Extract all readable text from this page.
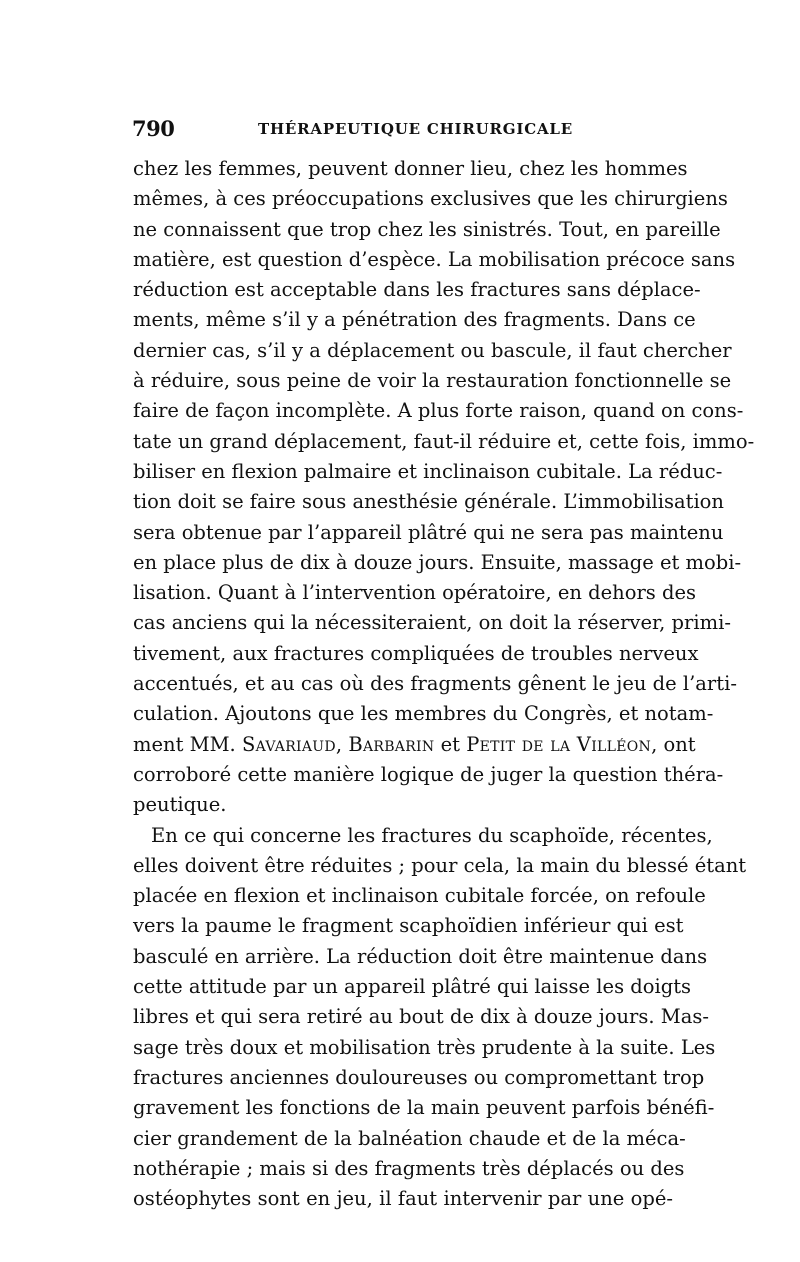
790	THÉRAPEUTIQUE CHIRURGICALE
chez les femmes, peuvent donner lieu, chez les hommes
mêmes, à ces préoccupations exclusives que les chirurgiens
ne connaissent que trop chez les sinistrés. Tout, en pareille
matière, est question d’espèce. La mobilisation précoce sans
réduction est acceptable dans les fractures sans déplace-
ments, même s’il y a pénétration des fragments. Dans ce
dernier cas, s’il y a déplacement ou bascule, il faut chercher
à réduire, sous peine de voir la restauration fonctionnelle se
faire de façon incomplète. A plus forte raison, quand on cons-
tate un grand déplacement, faut-il réduire et, cette fois, immo-
biliser en flexion palmaire et inclinaison cubitale. La réduc-
tion doit se faire sous anesthésie générale. L’immobilisation
sera obtenue par l’appareil plâtré qui ne sera pas maintenu
en place plus de dix à douze jours. Ensuite, massage et mobi-
lisation. Quant à l’intervention opératoire, en dehors des
cas anciens qui la nécessiteraient, on doit la réserver, primi-
tivement, aux fractures compliquées de troubles nerveux
accentués, et au cas où des fragments gênent le jeu de l’arti-
culation. Ajoutons que les membres du Congrès, et notam-
ment MM. Savariaud, Barbarin et Petit de la Villéon, ont
corroboré cette manière logique de juger la question théra-
peutique.
En ce qui concerne les fractures du scaphoïde, récentes,
elles doivent être réduites ; pour cela, la main du blessé étant
placée en flexion et inclinaison cubitale forcée, on refoule
vers la paume le fragment scaphoïdien inférieur qui est
basculé en arrière. La réduction doit être maintenue dans
cette attitude par un appareil plâtré qui laisse les doigts
libres et qui sera retiré au bout de dix à douze jours. Mas-
sage très doux et mobilisation très prudente à la suite. Les
fractures anciennes douloureuses ou compromettant trop
gravement les fonctions de la main peuvent parfois bénéfi-
cier grandement de la balnéation chaude et de la méca-
nothérapie ; mais si des fragments très déplacés ou des
ostéophytes sont en jeu, il faut intervenir par une opé-
